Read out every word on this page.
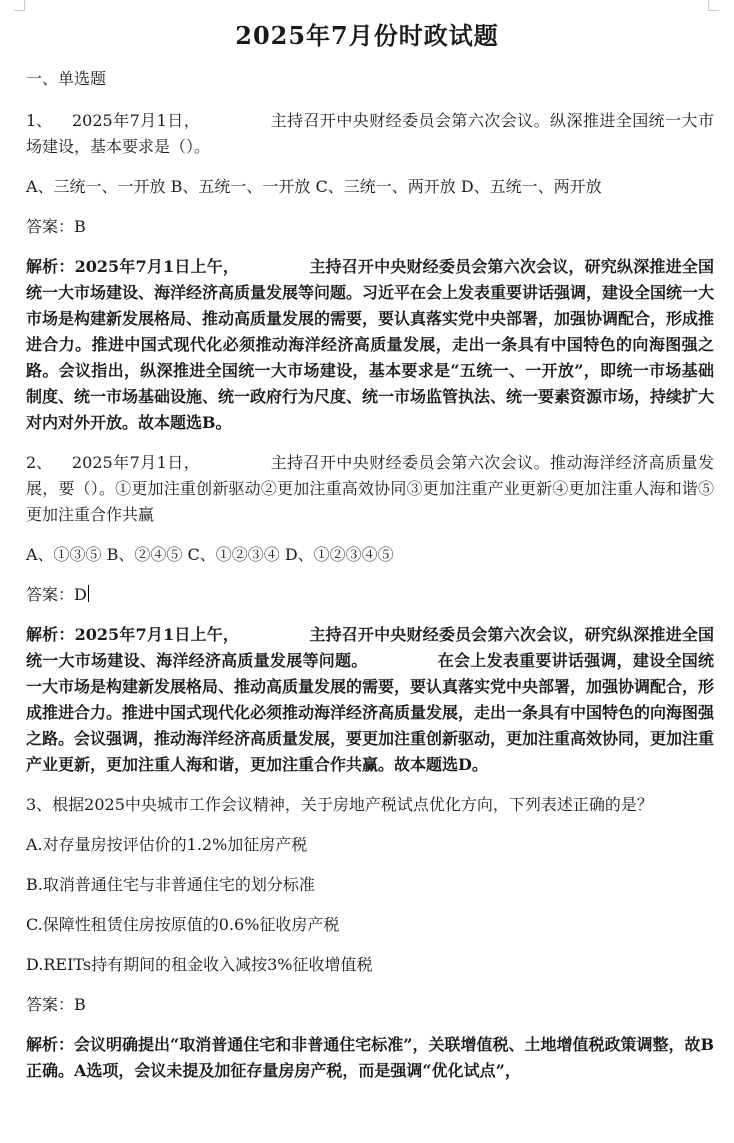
2025年7月份时政试题
一、单选题

1、 2025年7月1日，	主持召开中央财经委员会第六次会议。纵深推进全国统一大市场建设，基本要求是（）。

A、三统一、一开放 B、五统一、一开放 C、三统一、两开放 D、五统一、两开放

答案：B

解析：2025年7月1日上午，	主持召开中央财经委员会第六次会议，研究纵深推进全国统一大市场建设、海洋经济高质量发展等问题。习近平在会上发表重要讲话强调，建设全国统一大市场是构建新发展格局、推动高质量发展的需要，要认真落实党中央部署，加强协调配合，形成推进合力。推进中国式现代化必须推动海洋经济高质量发展，走出一条具有中国特色的向海图强之路。会议指出，纵深推进全国统一大市场建设，基本要求是“五统一、一开放”，即统一市场基础制度、统一市场基础设施、统一政府行为尺度、统一市场监管执法、统一要素资源市场，持续扩大对内对外开放。故本题选B。

2、 2025年7月1日，	主持召开中央财经委员会第六次会议。推动海洋经济高质量发展，要（）。①更加注重创新驱动②更加注重高效协同③更加注重产业更新④更加注重人海和谐⑤更加注重合作共赢

A、①③⑤ B、②④⑤ C、①②③④ D、①②③④⑤

答案：D

解析：2025年7月1日上午，	主持召开中央财经委员会第六次会议，研究纵深推进全国统一大市场建设、海洋经济高质量发展等问题。	在会上发表重要讲话强调，建设全国统一大市场是构建新发展格局、推动高质量发展的需要，要认真落实党中央部署，加强协调配合，形成推进合力。推进中国式现代化必须推动海洋经济高质量发展，走出一条具有中国特色的向海图强之路。会议强调，推动海洋经济高质量发展，要更加注重创新驱动，更加注重高效协同，更加注重产业更新，更加注重人海和谐，更加注重合作共赢。故本题选D。

3、根据2025中央城市工作会议精神，关于房地产税试点优化方向，下列表述正确的是？

A.对存量房按评估价的1.2%加征房产税

B.取消普通住宅与非普通住宅的划分标准

C.保障性租赁住房按原值的0.6%征收房产税

D.REITs持有期间的租金收入减按3%征收增值税

答案：B

解析：会议明确提出“取消普通住宅和非普通住宅标准”，关联增值税、土地增值税政策调整，故B正确。A选项，会议未提及加征存量房房产税，而是强调“优化试点”，
